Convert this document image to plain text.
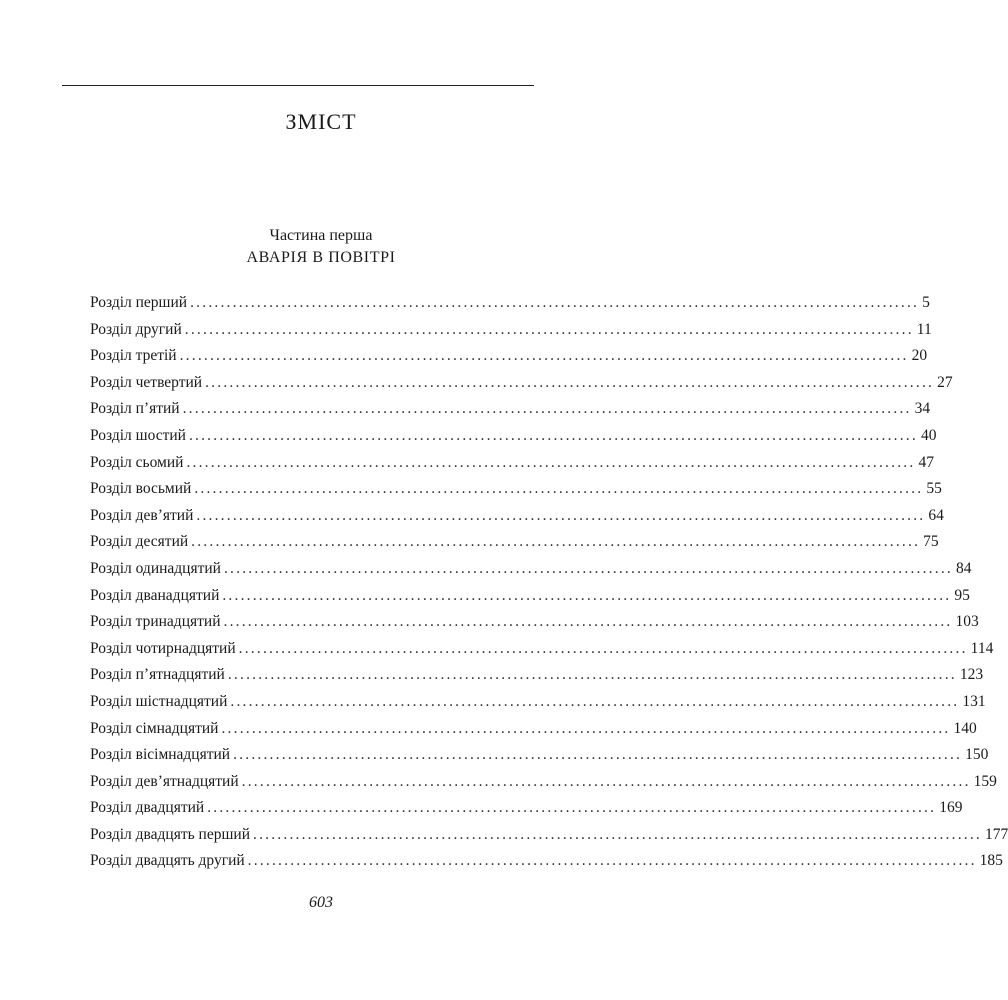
ЗМІСТ
Частина перша
АВАРІЯ В ПОВІТРІ
Розділ перший ........................................................................................................................ 5
Розділ другий ........................................................................................................................ 11
Розділ третій ........................................................................................................................ 20
Розділ четвертий ........................................................................................................................ 27
Розділ п’ятий ........................................................................................................................ 34
Розділ шостий ........................................................................................................................ 40
Розділ сьомий ........................................................................................................................ 47
Розділ восьмий ........................................................................................................................ 55
Розділ дев’ятий ........................................................................................................................ 64
Розділ десятий ........................................................................................................................ 75
Розділ одинадцятий ........................................................................................................................ 84
Розділ дванадцятий ........................................................................................................................ 95
Розділ тринадцятий ........................................................................................................................ 103
Розділ чотирнадцятий ........................................................................................................................ 114
Розділ п’ятнадцятий ........................................................................................................................ 123
Розділ шістнадцятий ........................................................................................................................ 131
Розділ сімнадцятий ........................................................................................................................ 140
Розділ вісімнадцятий ........................................................................................................................ 150
Розділ дев’ятнадцятий ........................................................................................................................ 159
Розділ двадцятий ........................................................................................................................ 169
Розділ двадцять перший ........................................................................................................................ 177
Розділ двадцять другий ........................................................................................................................ 185
603
